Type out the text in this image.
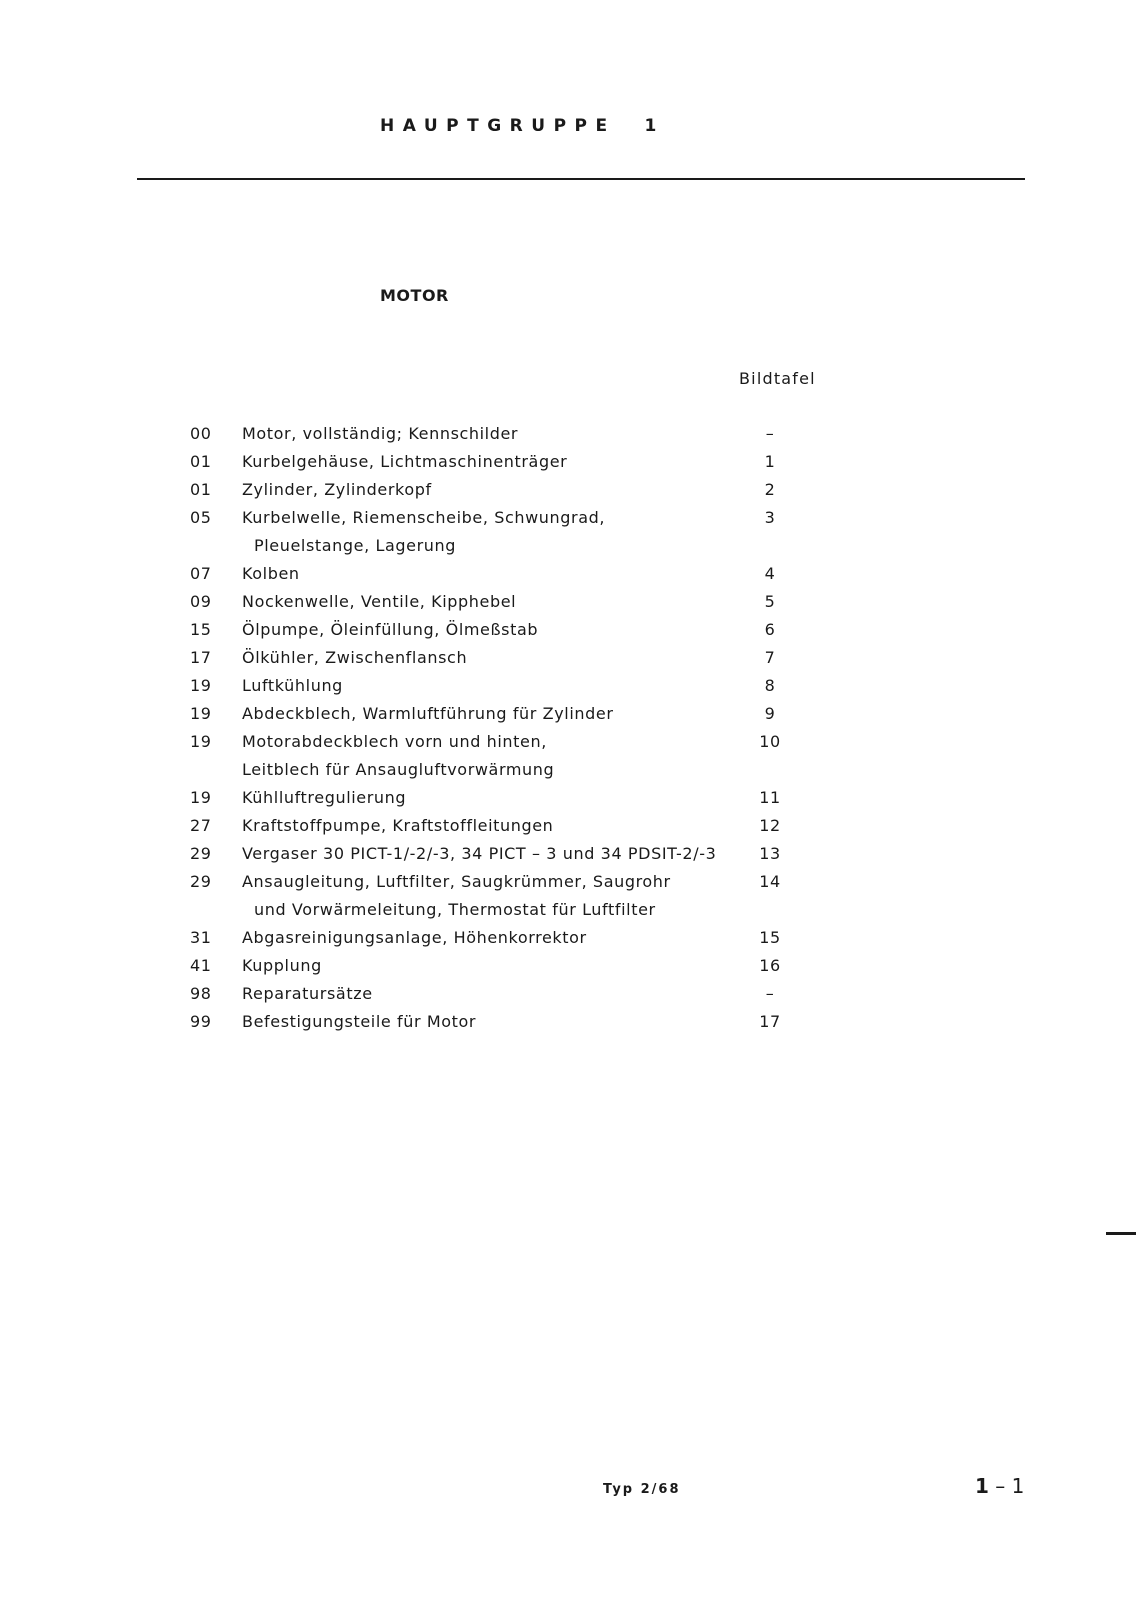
HAUPTGRUPPE  1
MOTOR
Bildtafel
00	Motor, vollständig; Kennschilder	–
01	Kurbelgehäuse, Lichtmaschinenträger	1
01	Zylinder, Zylinderkopf	2
05	Kurbelwelle, Riemenscheibe, Schwungrad,	3
Pleuelstange, Lagerung
07	Kolben	4
09	Nockenwelle, Ventile, Kipphebel	5
15	Ölpumpe, Öleinfüllung, Ölmeßstab	6
17	Ölkühler, Zwischenflansch	7
19	Luftkühlung	8
19	Abdeckblech, Warmluftführung für Zylinder	9
19	Motorabdeckblech vorn und hinten,	10
Leitblech für Ansaugluftvorwärmung
19	Kühlluftregulierung	11
27	Kraftstoffpumpe, Kraftstoffleitungen	12
29	Vergaser 30 PICT-1/-2/-3, 34 PICT – 3 und 34 PDSIT-2/-3	13
29	Ansaugleitung, Luftfilter, Saugkrümmer, Saugrohr	14
und Vorwärmeleitung, Thermostat für Luftfilter
31	Abgasreinigungsanlage, Höhenkorrektor	15
41	Kupplung	16
98	Reparatursätze	–
99	Befestigungsteile für Motor	17
Typ 2/68	1 – 1
